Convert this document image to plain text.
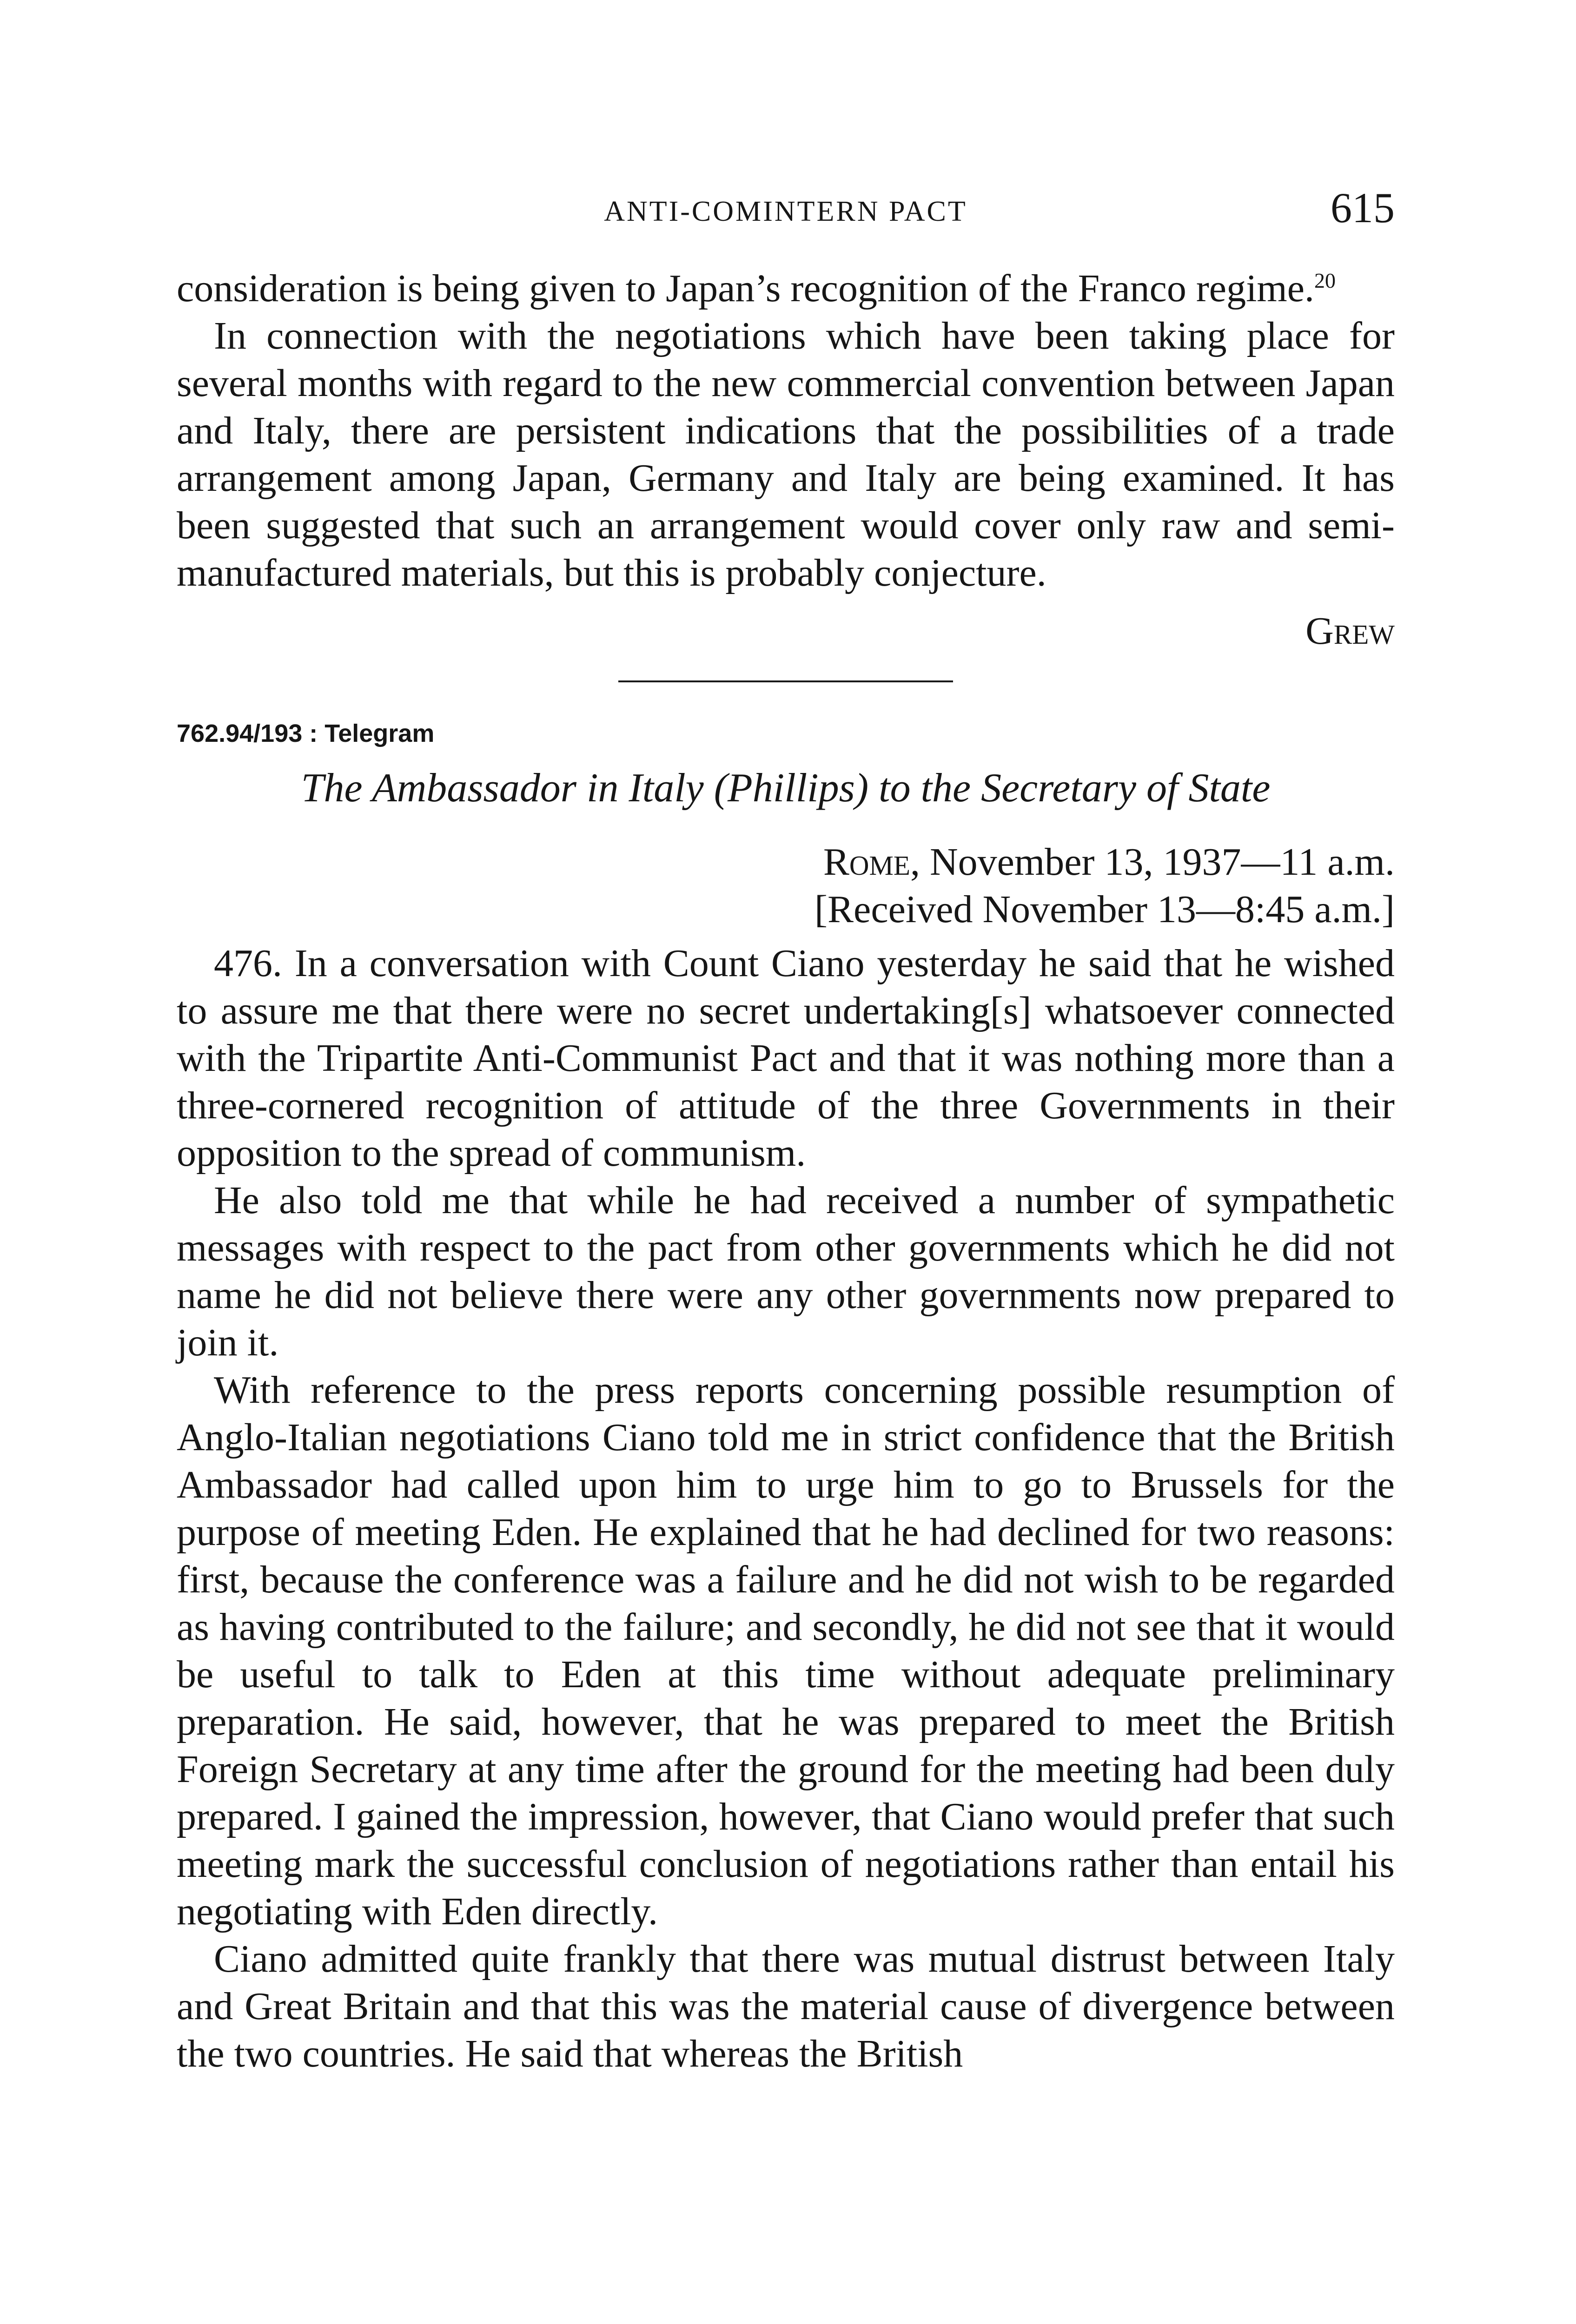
ANTI-COMINTERN PACT	615

consideration is being given to Japan’s recognition of the Franco regime.$^{20}$

In connection with the negotiations which have been taking place for several months with regard to the new commercial convention between Japan and Italy, there are persistent indications that the possibilities of a trade arrangement among Japan, Germany and Italy are being examined. It has been suggested that such an arrangement would cover only raw and semi-manufactured materials, but this is probably conjecture.

Grew
762.94/193 : Telegram
The Ambassador in Italy (Phillips) to the Secretary of State
Rome, November 13, 1937—11 a.m.
[Received November 13—8:45 a.m.]

476. In a conversation with Count Ciano yesterday he said that he wished to assure me that there were no secret undertaking[s] whatsoever connected with the Tripartite Anti-Communist Pact and that it was nothing more than a three-cornered recognition of attitude of the three Governments in their opposition to the spread of communism.

He also told me that while he had received a number of sympathetic messages with respect to the pact from other governments which he did not name he did not believe there were any other governments now prepared to join it.

With reference to the press reports concerning possible resumption of Anglo-Italian negotiations Ciano told me in strict confidence that the British Ambassador had called upon him to urge him to go to Brussels for the purpose of meeting Eden. He explained that he had declined for two reasons: first, because the conference was a failure and he did not wish to be regarded as having contributed to the failure; and secondly, he did not see that it would be useful to talk to Eden at this time without adequate preliminary preparation. He said, however, that he was prepared to meet the British Foreign Secretary at any time after the ground for the meeting had been duly prepared. I gained the impression, however, that Ciano would prefer that such meeting mark the successful conclusion of negotiations rather than entail his negotiating with Eden directly.

Ciano admitted quite frankly that there was mutual distrust between Italy and Great Britain and that this was the material cause of divergence between the two countries. He said that whereas the British
